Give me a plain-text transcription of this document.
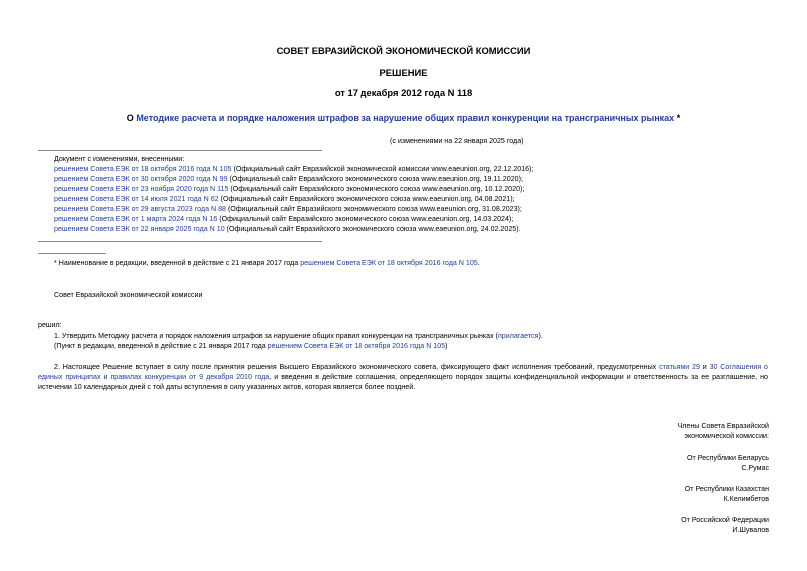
СОВЕТ ЕВРАЗИЙСКОЙ ЭКОНОМИЧЕСКОЙ КОМИССИИ
РЕШЕНИЕ
от 17 декабря 2012 года N 118
О Методике расчета и порядке наложения штрафов за нарушение общих правил конкуренции на трансграничных рынках *
(с изменениями на 22 января 2025 года)
Документ с изменениями, внесенными:
решением Совета ЕЭК от 18 октября 2016 года N 105 (Официальный сайт Евразийской экономической комиссии www.eaeunion.org, 22.12.2016);
решением Совета ЕЭК от 30 октября 2020 года N 99 (Официальный сайт Евразийского экономического союза www.eaeunion.org, 19.11.2020);
решением Совета ЕЭК от 23 ноября 2020 года N 115 (Официальный сайт Евразийского экономического союза www.eaeunion.org, 10.12.2020);
решением Совета ЕЭК от 14 июля 2021 года N 62 (Официальный сайт Евразийского экономического союза www.eaeunion.org, 04.08.2021);
решением Совета ЕЭК от 29 августа 2023 года N 88 (Официальный сайт Евразийского экономического союза www.eaeunion.org, 31.08.2023);
решением Совета ЕЭК от 1 марта 2024 года N 16 (Официальный сайт Евразийского экономического союза www.eaeunion.org, 14.03.2024);
решением Совета ЕЭК от 22 января 2025 года N 10 (Официальный сайт Евразийского экономического союза www.eaeunion.org, 24.02.2025).
* Наименование в редакции, введенной в действие с 21 января 2017 года решением Совета ЕЭК от 18 октября 2016 года N 105.
Совет Евразийской экономической комиссии
решил:
1. Утвердить Методику расчета и порядок наложения штрафов за нарушение общих правил конкуренции на трансграничных рынках (прилагается).
(Пункт в редакции, введенной в действие с 21 января 2017 года решением Совета ЕЭК от 18 октября 2016 года N 105)
2. Настоящее Решение вступает в силу после принятия решения Высшего Евразийского экономического совета, фиксирующего факт исполнения требований, предусмотренных статьями 29 и 30 Соглашения о единых принципах и правилах конкуренции от 9 декабря 2010 года, и введения в действие соглашения, определяющего порядок защиты конфиденциальной информации и ответственность за ее разглашение, но истечении 10 календарных дней с той даты вступления в силу указанных актов, которая является более поздней.
Члены Совета Евразийской
экономической комиссии:
От Республики Беларусь
С.Румас
От Республики Казахстан
К.Келимбетов
От Российской Федерации
И.Шувалов
